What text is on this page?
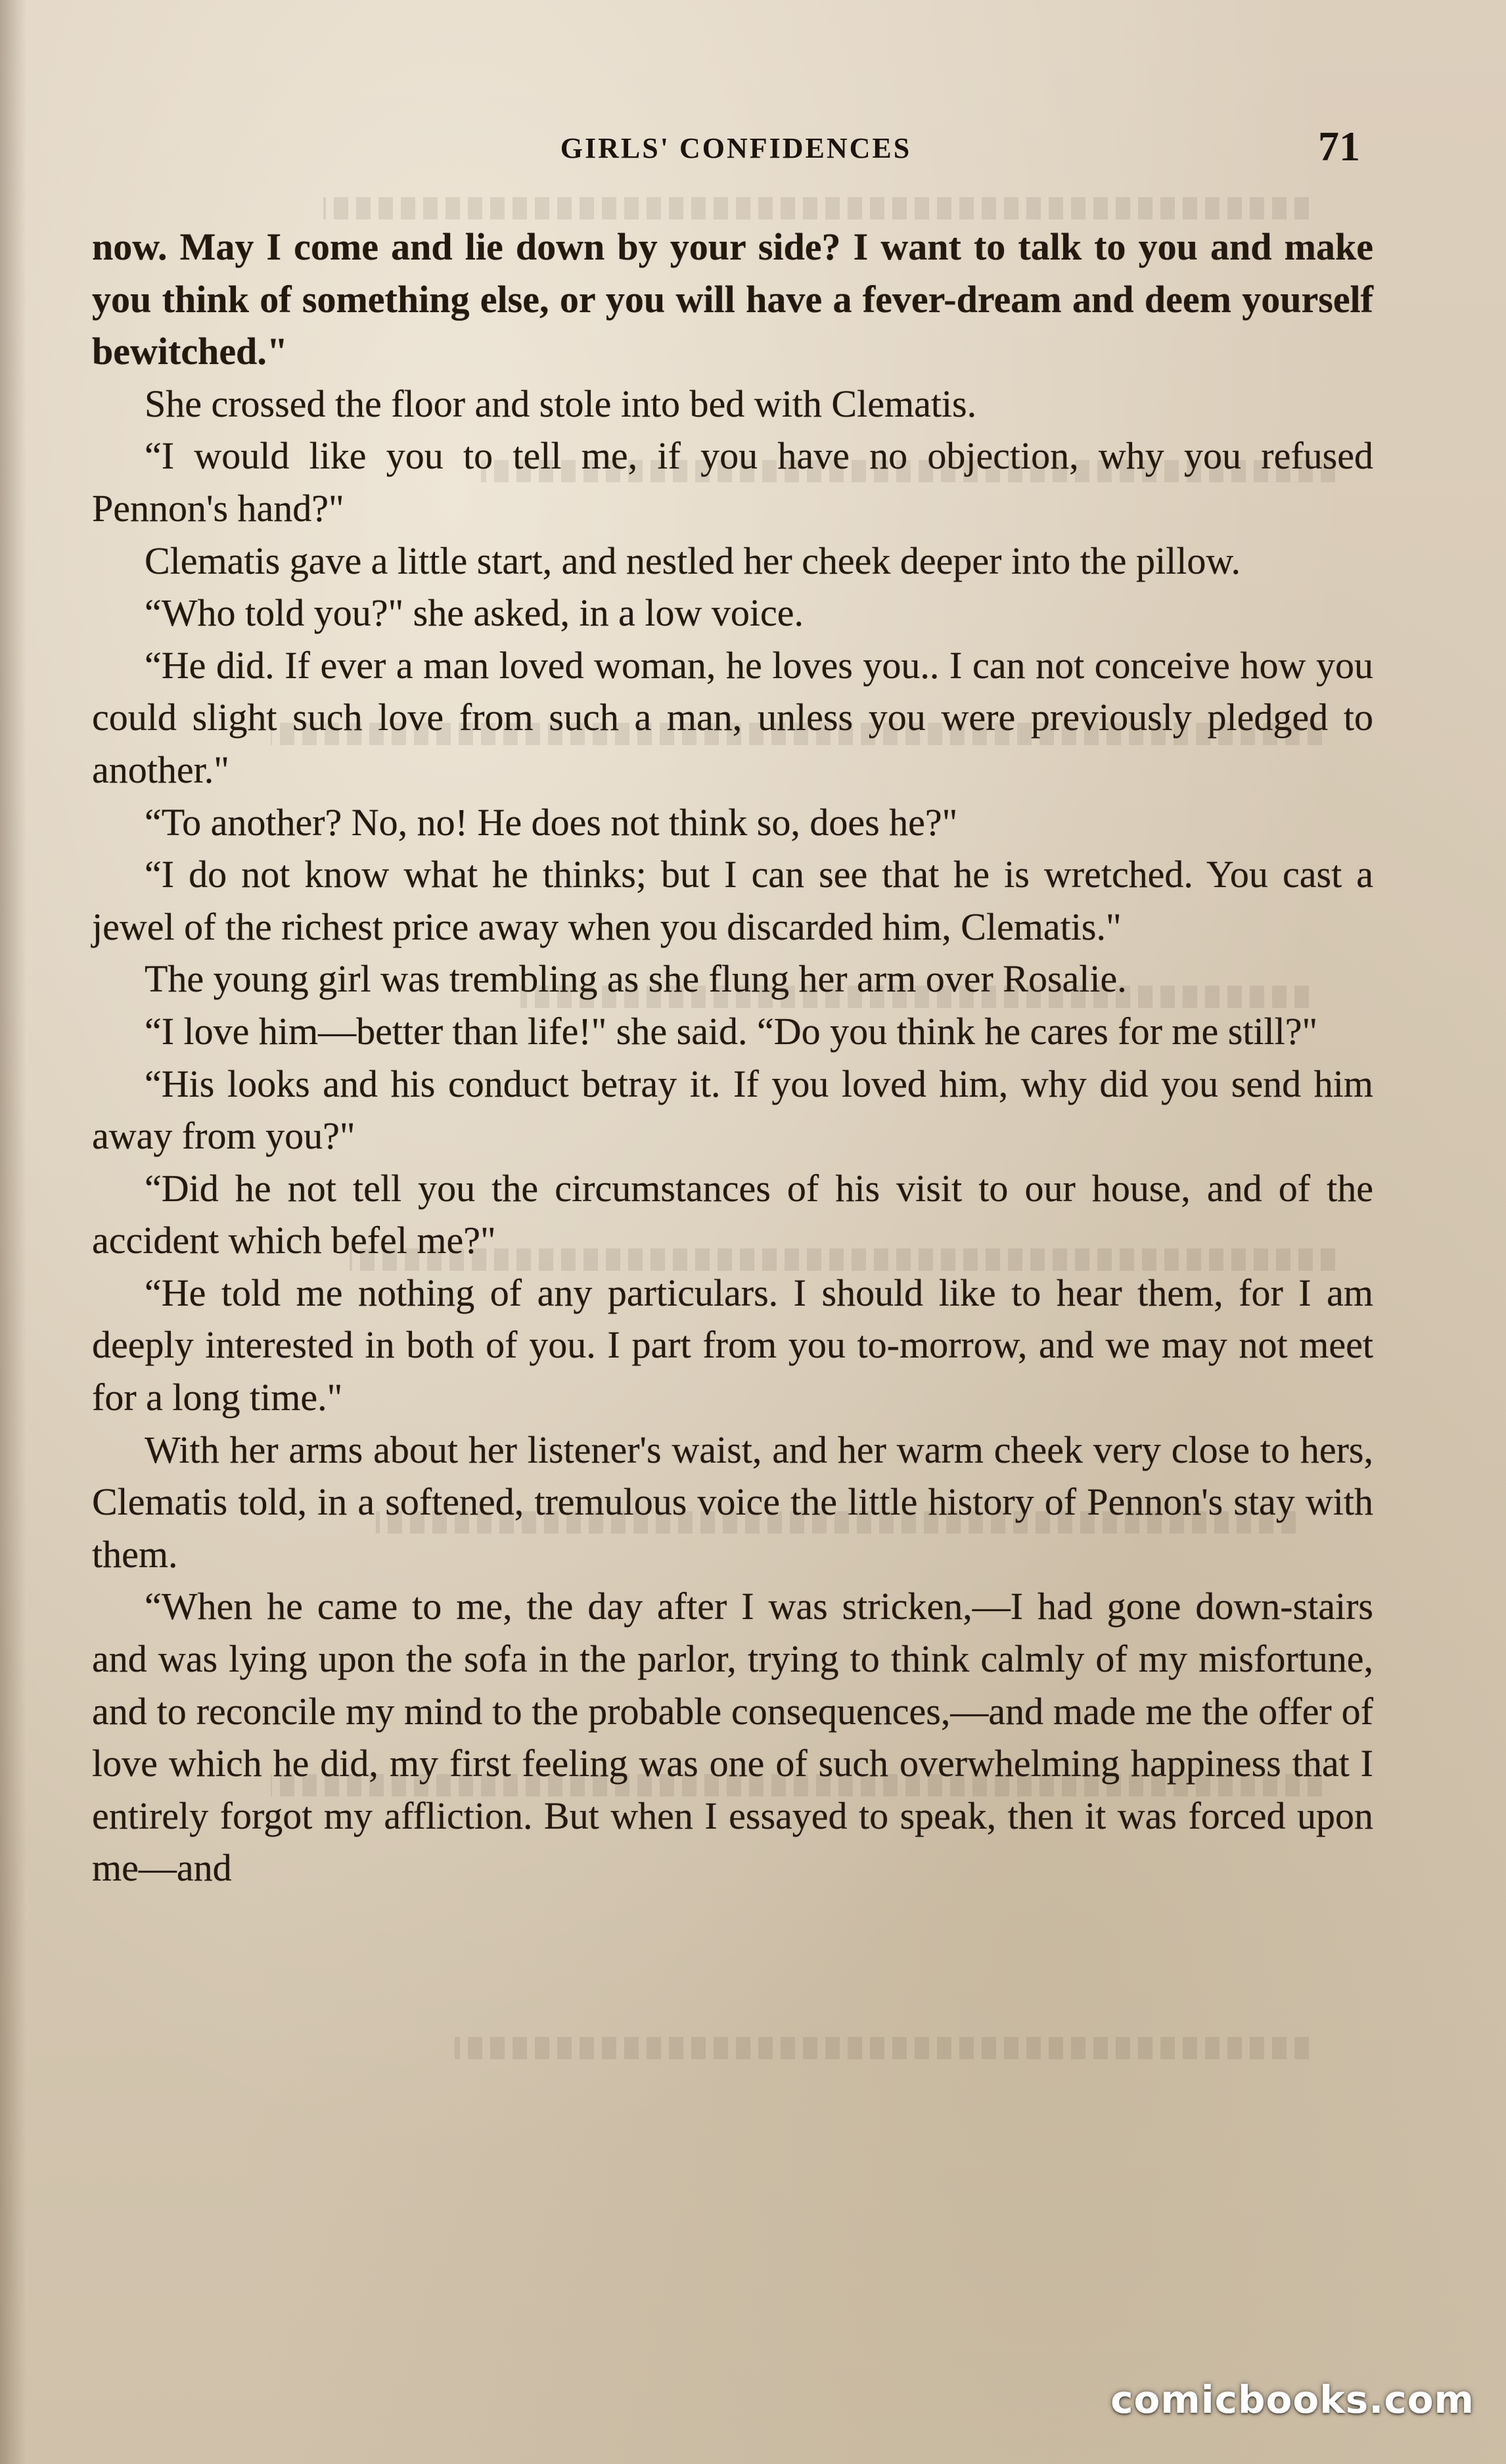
GIRLS' CONFIDENCES	71

now. May I come and lie down by your side? I want to talk to you and make you think of something else, or you will have a fever-dream and deem yourself bewitched."

She crossed the floor and stole into bed with Clematis.

“I would like you to tell me, if you have no objection, why you refused Pennon's hand?"

Clematis gave a little start, and nestled her cheek deeper into the pillow.

“Who told you?" she asked, in a low voice.

“He did. If ever a man loved woman, he loves you.. I can not conceive how you could slight such love from such a man, unless you were previously pledged to another."

“To another? No, no! He does not think so, does he?"

“I do not know what he thinks; but I can see that he is wretched. You cast a jewel of the richest price away when you discarded him, Clematis."

The young girl was trembling as she flung her arm over Rosalie.

“I love him—better than life!" she said. “Do you think he cares for me still?"

“His looks and his conduct betray it. If you loved him, why did you send him away from you?"

“Did he not tell you the circumstances of his visit to our house, and of the accident which befel me?"

“He told me nothing of any particulars. I should like to hear them, for I am deeply interested in both of you. I part from you to-morrow, and we may not meet for a long time."

With her arms about her listener's waist, and her warm cheek very close to hers, Clematis told, in a softened, tremulous voice the little history of Pennon's stay with them.

“When he came to me, the day after I was stricken,—I had gone down-stairs and was lying upon the sofa in the parlor, trying to think calmly of my misfortune, and to reconcile my mind to the probable consequences,—and made me the offer of love which he did, my first feeling was one of such overwhelming happiness that I entirely forgot my affliction. But when I essayed to speak, then it was forced upon me—and

comicbooks.com
